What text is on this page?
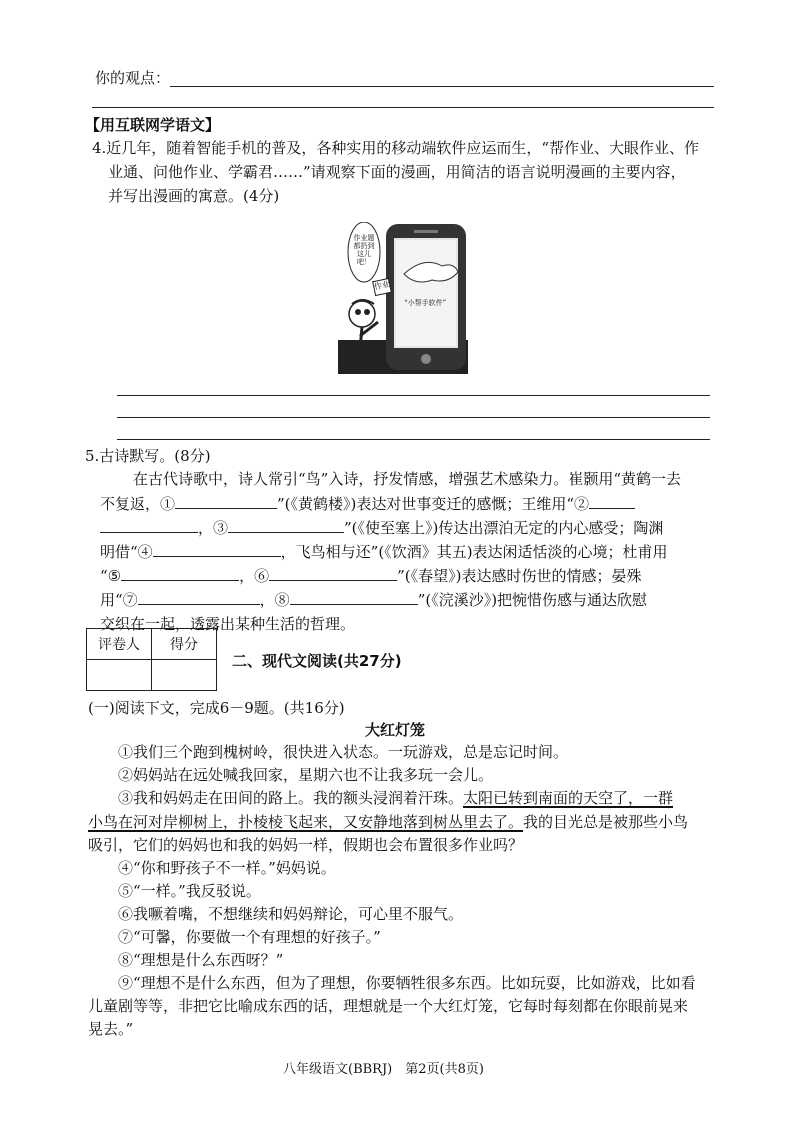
你的观点：
【用互联网学语文】
4.近几年，随着智能手机的普及，各种实用的移动端软件应运而生，“帮作业、大眼作业、作
业通、问他作业、学霸君……”请观察下面的漫画，用简洁的语言说明漫画的主要内容，
并写出漫画的寓意。(4分)
作业题都扔到这儿吧！
作业
“小帮手软件”
5.古诗默写。(8分)
在古代诗歌中，诗人常引“鸟”入诗，抒发情感，增强艺术感染力。崔颢用“黄鹤一去
不复返，①	”(《黄鹤楼》)表达对世事变迁的感慨；王维用“②
，③	”(《使至塞上》)传达出漂泊无定的内心感受；陶渊
明借“④	，飞鸟相与还”(《饮酒》其五)表达闲适恬淡的心境；杜甫用
“⑤	，⑥	”(《春望》)表达感时伤世的情感；晏殊
用“⑦	，⑧	”(《浣溪沙》)把惋惜伤感与通达欣慰
交织在一起，透露出某种生活的哲理。
评卷人	得分

二、现代文阅读(共27分)
(一)阅读下文，完成6－9题。(共16分)
大红灯笼
①我们三个跑到槐树岭，很快进入状态。一玩游戏，总是忘记时间。
②妈妈站在远处喊我回家，星期六也不让我多玩一会儿。
③我和妈妈走在田间的路上。我的额头浸润着汗珠。太阳已转到南面的天空了，一群
小鸟在河对岸柳树上，扑棱棱飞起来，又安静地落到树丛里去了。我的目光总是被那些小鸟
吸引，它们的妈妈也和我的妈妈一样，假期也会布置很多作业吗？
④“你和野孩子不一样。”妈妈说。
⑤“一样。”我反驳说。
⑥我噘着嘴，不想继续和妈妈辩论，可心里不服气。
⑦“可馨，你要做一个有理想的好孩子。”
⑧“理想是什么东西呀？”
⑨“理想不是什么东西，但为了理想，你要牺牲很多东西。比如玩耍，比如游戏，比如看
儿童剧等等，非把它比喻成东西的话，理想就是一个大红灯笼，它每时每刻都在你眼前晃来
晃去。”
八年级语文(BBRJ)　第2页(共8页)
